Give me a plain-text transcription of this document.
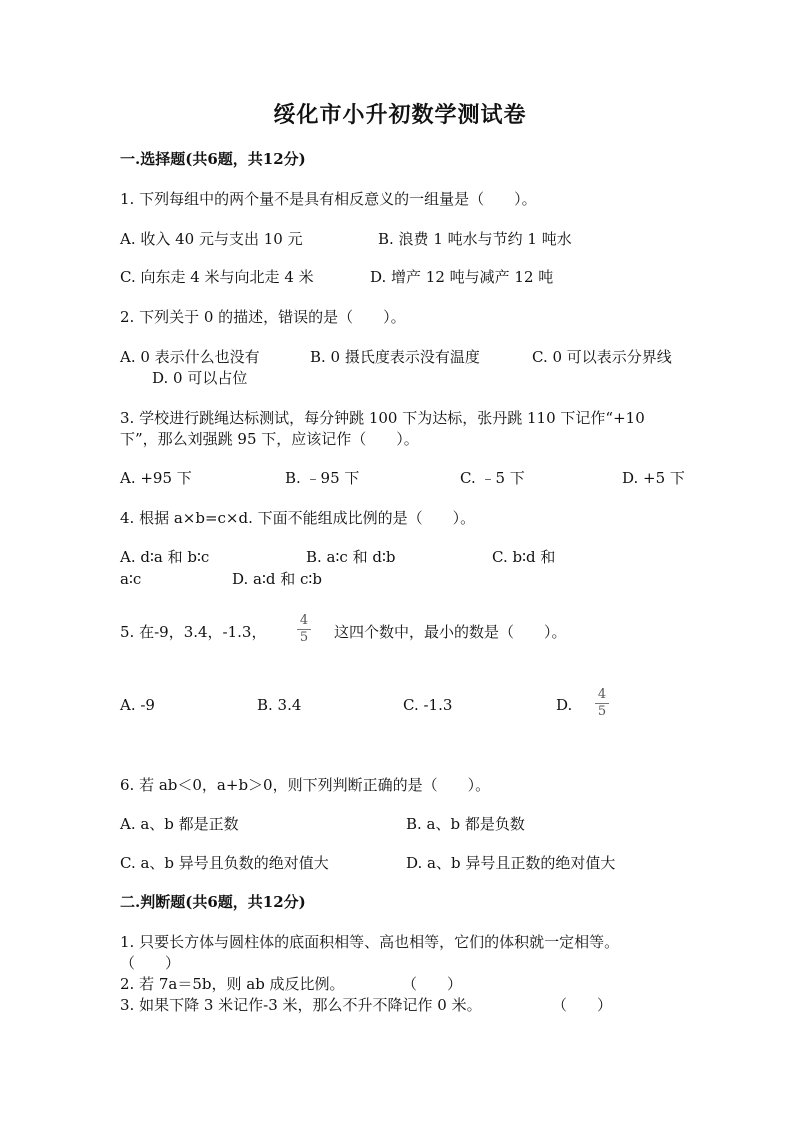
绥化市小升初数学测试卷
一.选择题(共6题，共12分)
1. 下列每组中的两个量不是具有相反意义的一组量是（　　）。
A. 收入 40 元与支出 10 元	B. 浪费 1 吨水与节约 1 吨水
C. 向东走 4 米与向北走 4 米	D. 增产 12 吨与减产 12 吨
2. 下列关于 0 的描述，错误的是（　　）。
A. 0 表示什么也没有	B. 0 摄氏度表示没有温度	C. 0 可以表示分界线
D. 0 可以占位
3. 学校进行跳绳达标测试，每分钟跳 100 下为达标，张丹跳 110 下记作“+10
下”，那么刘强跳 95 下，应该记作（　　）。
A. +95 下	B. ﹣95 下	C. ﹣5 下	D. +5 下
4. 根据 a×b=c×d. 下面不能组成比例的是（　　）。
A. d∶a 和 b∶c	B. a∶c 和 d∶b	C. b∶d 和
a∶c	D. a∶d 和 c∶b
5. 在-9，3.4，-1.3， $\frac{4}{5}$ 这四个数中，最小的数是（　　）。
A. -9	B. 3.4	C. -1.3	D. $\frac{4}{5}$
6. 若 ab＜0，a+b＞0，则下列判断正确的是（　　）。
A. a、b 都是正数	B. a、b 都是负数
C. a、b 异号且负数的绝对值大	D. a、b 异号且正数的绝对值大
二.判断题(共6题，共12分)
1. 只要长方体与圆柱体的底面积相等、高也相等，它们的体积就一定相等。
（　　）
2. 若 7a＝5b，则 ab 成反比例。	（　　）
3. 如果下降 3 米记作-3 米，那么不升不降记作 0 米。	（　　）
